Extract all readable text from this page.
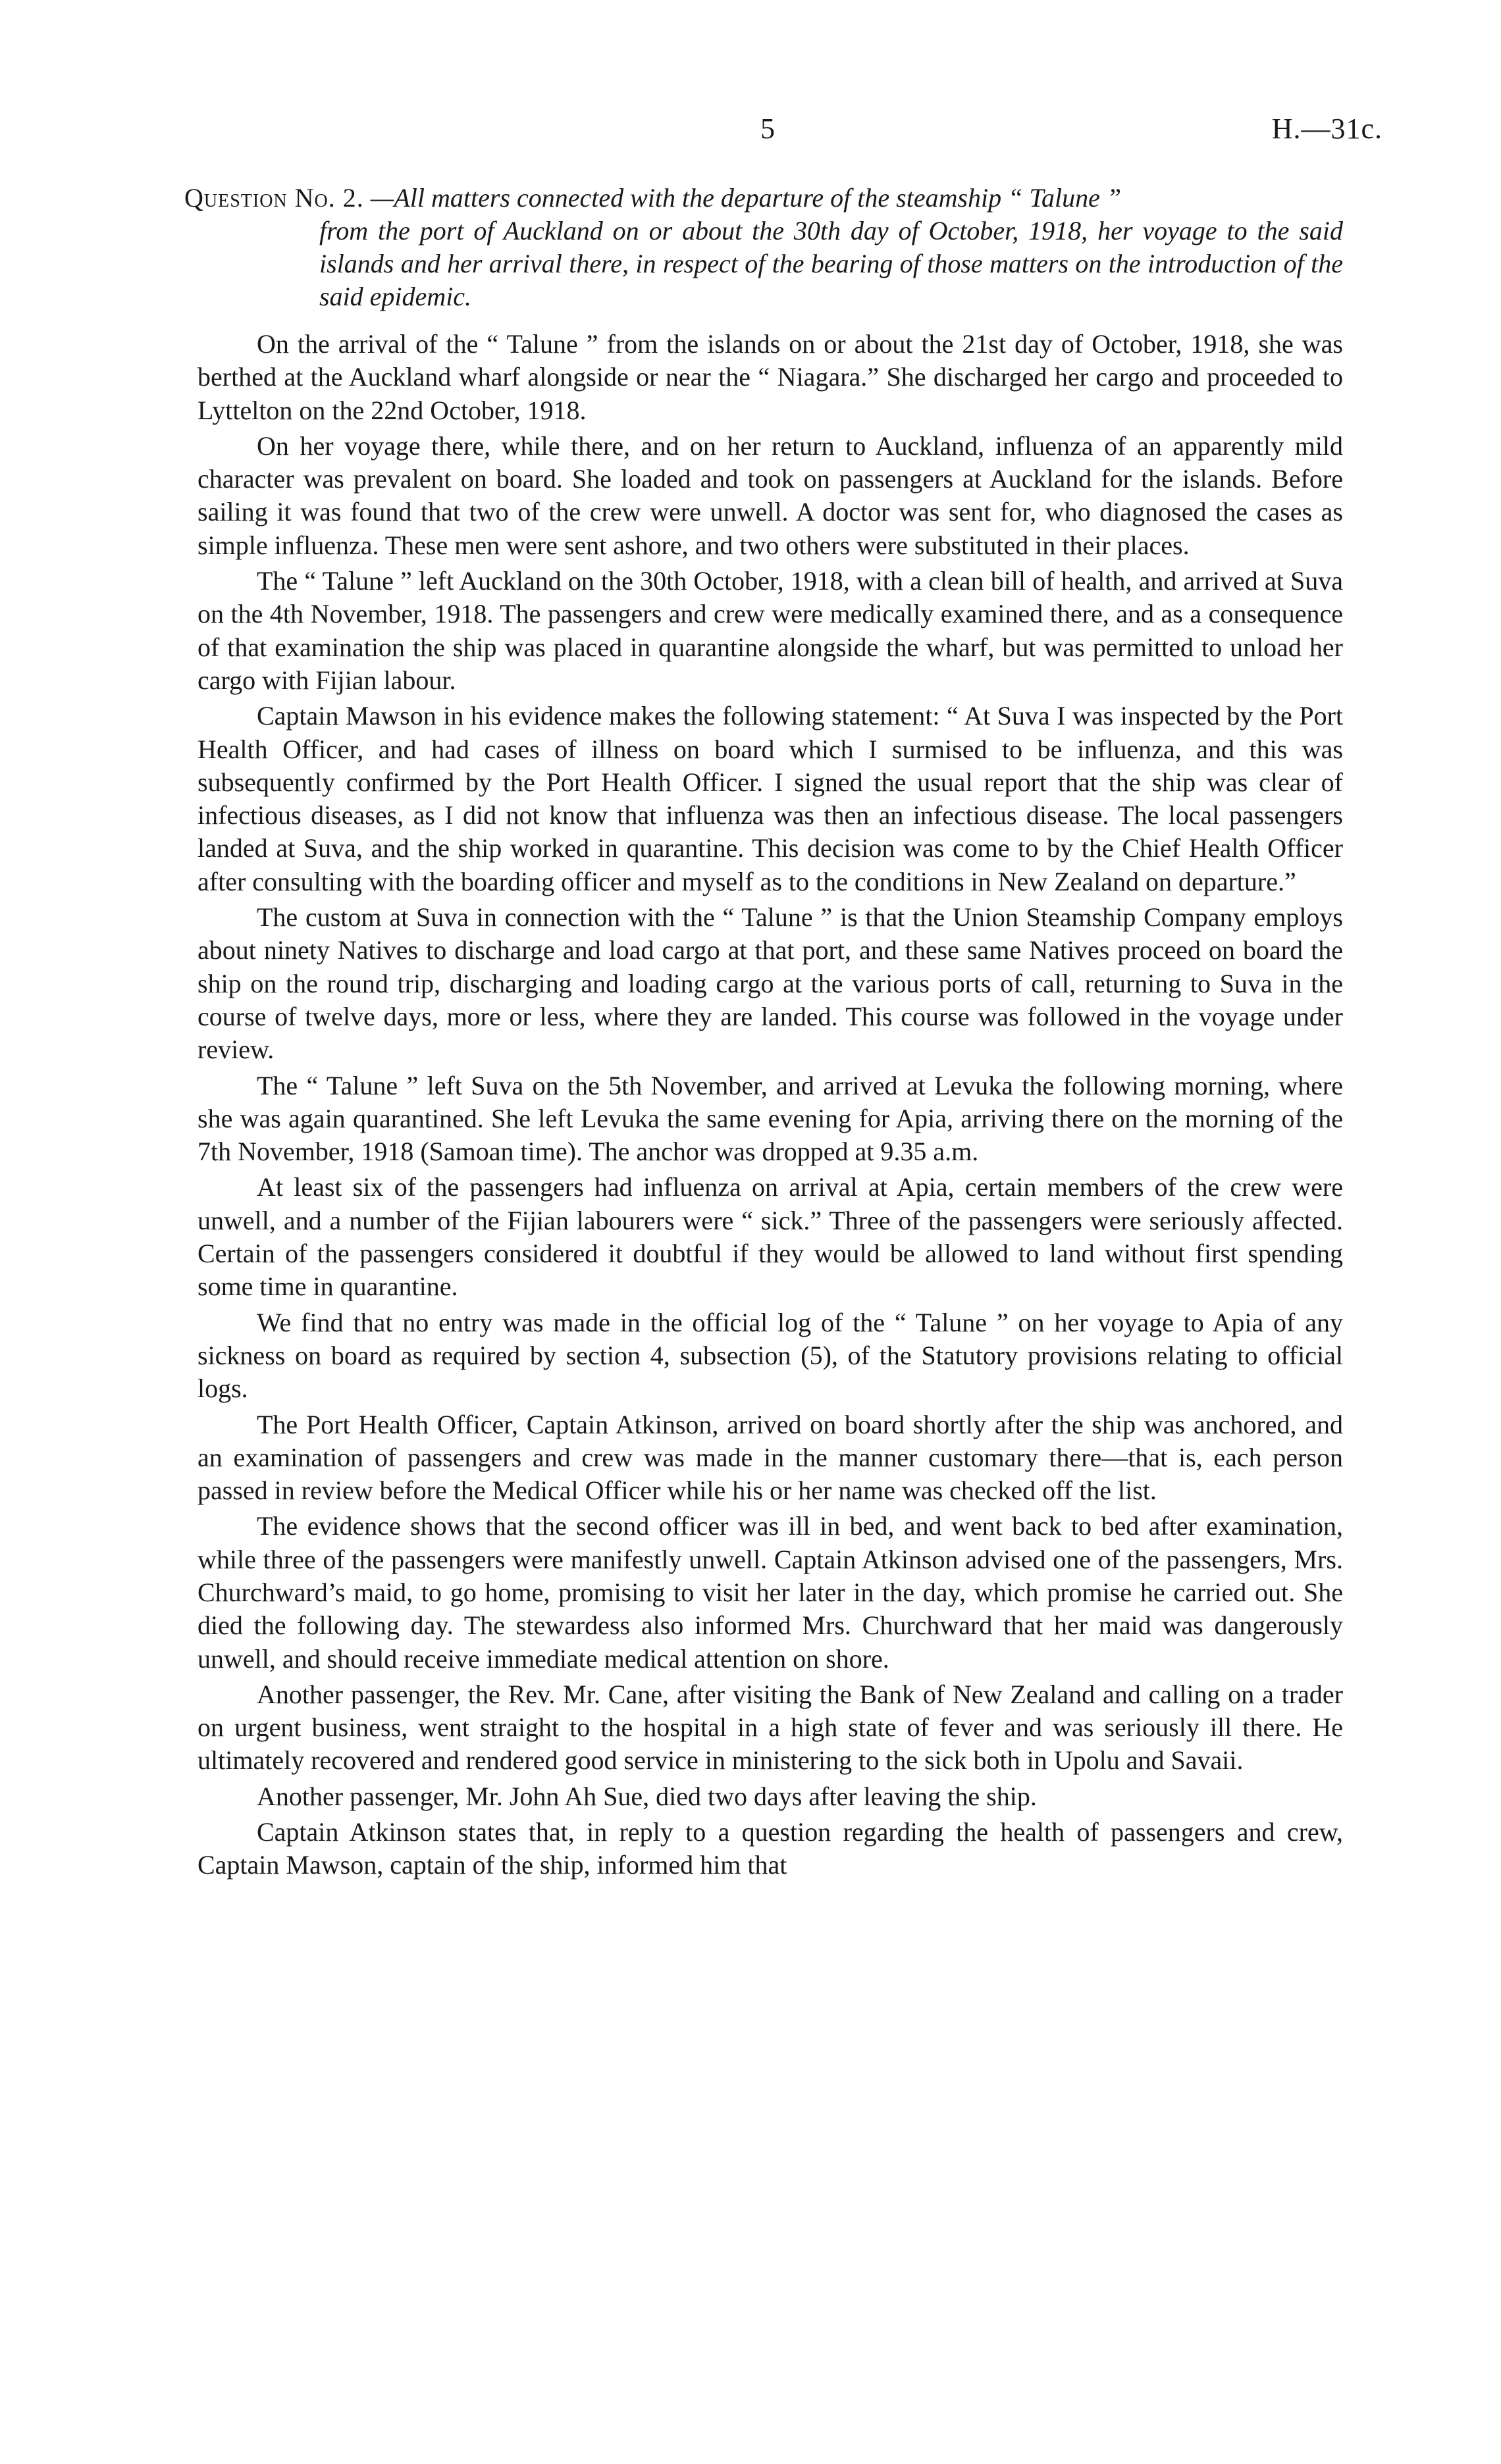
5	H.—31c.
Question No. 2. —All matters connected with the departure of the steamship “ Talune ”
from the port of Auckland on or about the 30th day of October, 1918, her voyage to the said islands and her arrival there, in respect of the bearing of those matters on the introduction of the said epidemic.

On the arrival of the “ Talune ” from the islands on or about the 21st day of October, 1918, she was berthed at the Auckland wharf alongside or near the “ Niagara.” She discharged her cargo and proceeded to Lyttelton on the 22nd October, 1918.

On her voyage there, while there, and on her return to Auckland, influenza of an apparently mild character was prevalent on board. She loaded and took on passengers at Auckland for the islands. Before sailing it was found that two of the crew were unwell. A doctor was sent for, who diagnosed the cases as simple influenza. These men were sent ashore, and two others were substituted in their places.

The “ Talune ” left Auckland on the 30th October, 1918, with a clean bill of health, and arrived at Suva on the 4th November, 1918. The passengers and crew were medically examined there, and as a consequence of that examination the ship was placed in quarantine alongside the wharf, but was permitted to unload her cargo with Fijian labour.

Captain Mawson in his evidence makes the following statement: “ At Suva I was inspected by the Port Health Officer, and had cases of illness on board which I surmised to be influenza, and this was subsequently confirmed by the Port Health Officer. I signed the usual report that the ship was clear of infectious diseases, as I did not know that influenza was then an infectious disease. The local passengers landed at Suva, and the ship worked in quarantine. This decision was come to by the Chief Health Officer after consulting with the boarding officer and myself as to the conditions in New Zealand on departure.”

The custom at Suva in connection with the “ Talune ” is that the Union Steamship Company employs about ninety Natives to discharge and load cargo at that port, and these same Natives proceed on board the ship on the round trip, discharging and loading cargo at the various ports of call, returning to Suva in the course of twelve days, more or less, where they are landed. This course was followed in the voyage under review.

The “ Talune ” left Suva on the 5th November, and arrived at Levuka the following morning, where she was again quarantined. She left Levuka the same evening for Apia, arriving there on the morning of the 7th November, 1918 (Samoan time). The anchor was dropped at 9.35 a.m.

At least six of the passengers had influenza on arrival at Apia, certain members of the crew were unwell, and a number of the Fijian labourers were “ sick.” Three of the passengers were seriously affected. Certain of the passengers considered it doubtful if they would be allowed to land without first spending some time in quarantine.

We find that no entry was made in the official log of the “ Talune ” on her voyage to Apia of any sickness on board as required by section 4, subsection (5), of the Statutory provisions relating to official logs.

The Port Health Officer, Captain Atkinson, arrived on board shortly after the ship was anchored, and an examination of passengers and crew was made in the manner customary there—that is, each person passed in review before the Medical Officer while his or her name was checked off the list.

The evidence shows that the second officer was ill in bed, and went back to bed after examination, while three of the passengers were manifestly unwell. Captain Atkinson advised one of the passengers, Mrs. Churchward’s maid, to go home, promising to visit her later in the day, which promise he carried out. She died the following day. The stewardess also informed Mrs. Churchward that her maid was dangerously unwell, and should receive immediate medical attention on shore.

Another passenger, the Rev. Mr. Cane, after visiting the Bank of New Zealand and calling on a trader on urgent business, went straight to the hospital in a high state of fever and was seriously ill there. He ultimately recovered and rendered good service in ministering to the sick both in Upolu and Savaii.

Another passenger, Mr. John Ah Sue, died two days after leaving the ship.

Captain Atkinson states that, in reply to a question regarding the health of passengers and crew, Captain Mawson, captain of the ship, informed him that
